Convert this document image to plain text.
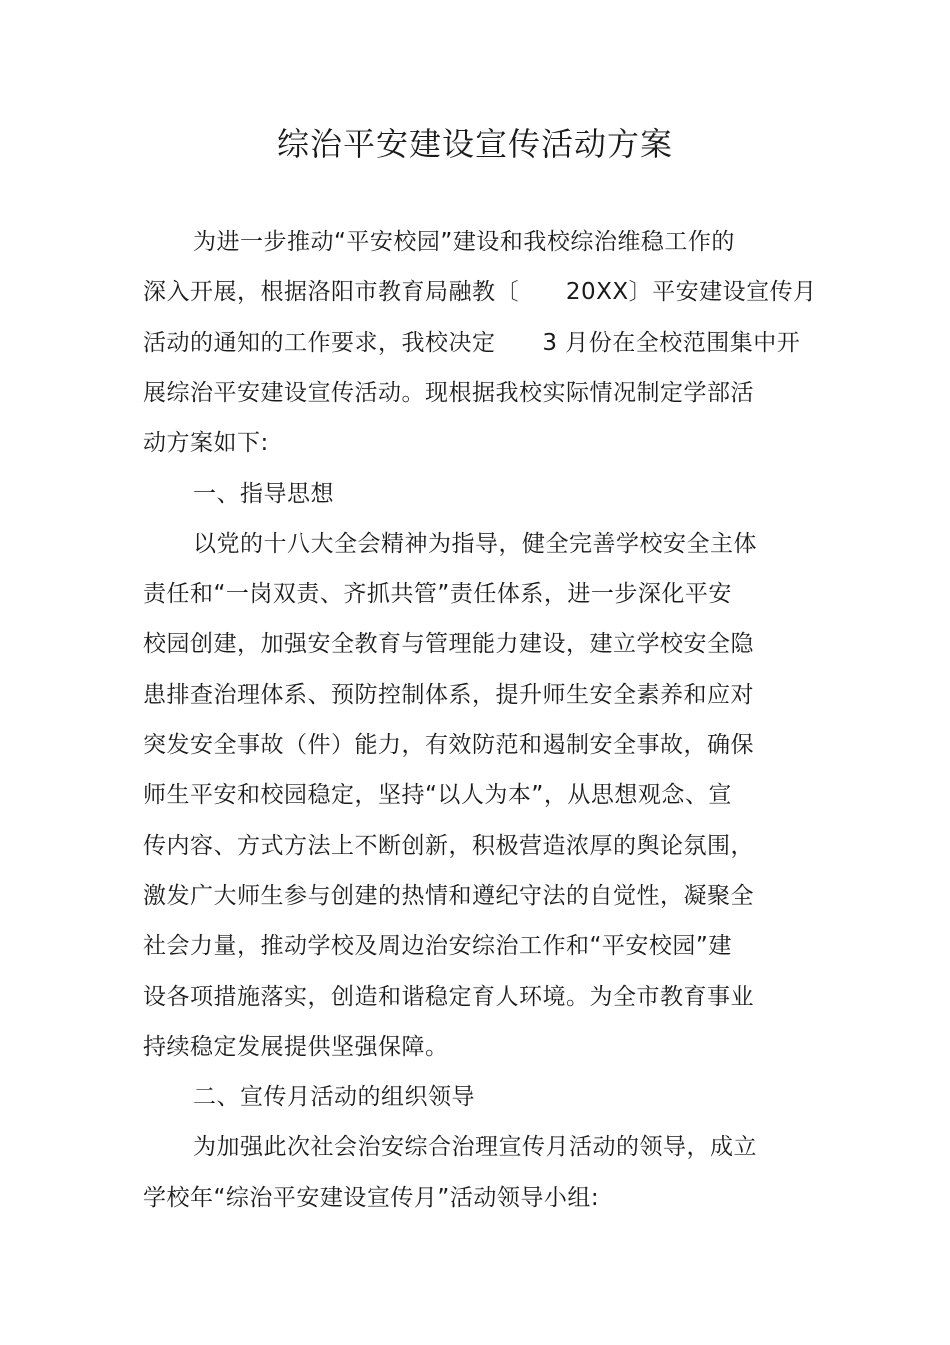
综治平安建设宣传活动方案
为进一步推动“平安校园”建设和我校综治维稳工作的
深入开展，根据洛阳市教育局融教〔      20XX〕平安建设宣传月
活动的通知的工作要求，我校决定      3 月份在全校范围集中开
展综治平安建设宣传活动。现根据我校实际情况制定学部活
动方案如下:
一、指导思想
以党的十八大全会精神为指导，健全完善学校安全主体
责任和“一岗双责、齐抓共管”责任体系，进一步深化平安
校园创建，加强安全教育与管理能力建设，建立学校安全隐
患排查治理体系、预防控制体系，提升师生安全素养和应对
突发安全事故（件）能力，有效防范和遏制安全事故，确保
师生平安和校园稳定，坚持“以人为本”，从思想观念、宣
传内容、方式方法上不断创新，积极营造浓厚的舆论氛围，
激发广大师生参与创建的热情和遵纪守法的自觉性，凝聚全
社会力量，推动学校及周边治安综治工作和“平安校园”建
设各项措施落实，创造和谐稳定育人环境。为全市教育事业
持续稳定发展提供坚强保障。
二、宣传月活动的组织领导
为加强此次社会治安综合治理宣传月活动的领导，成立
学校年“综治平安建设宣传月”活动领导小组:
